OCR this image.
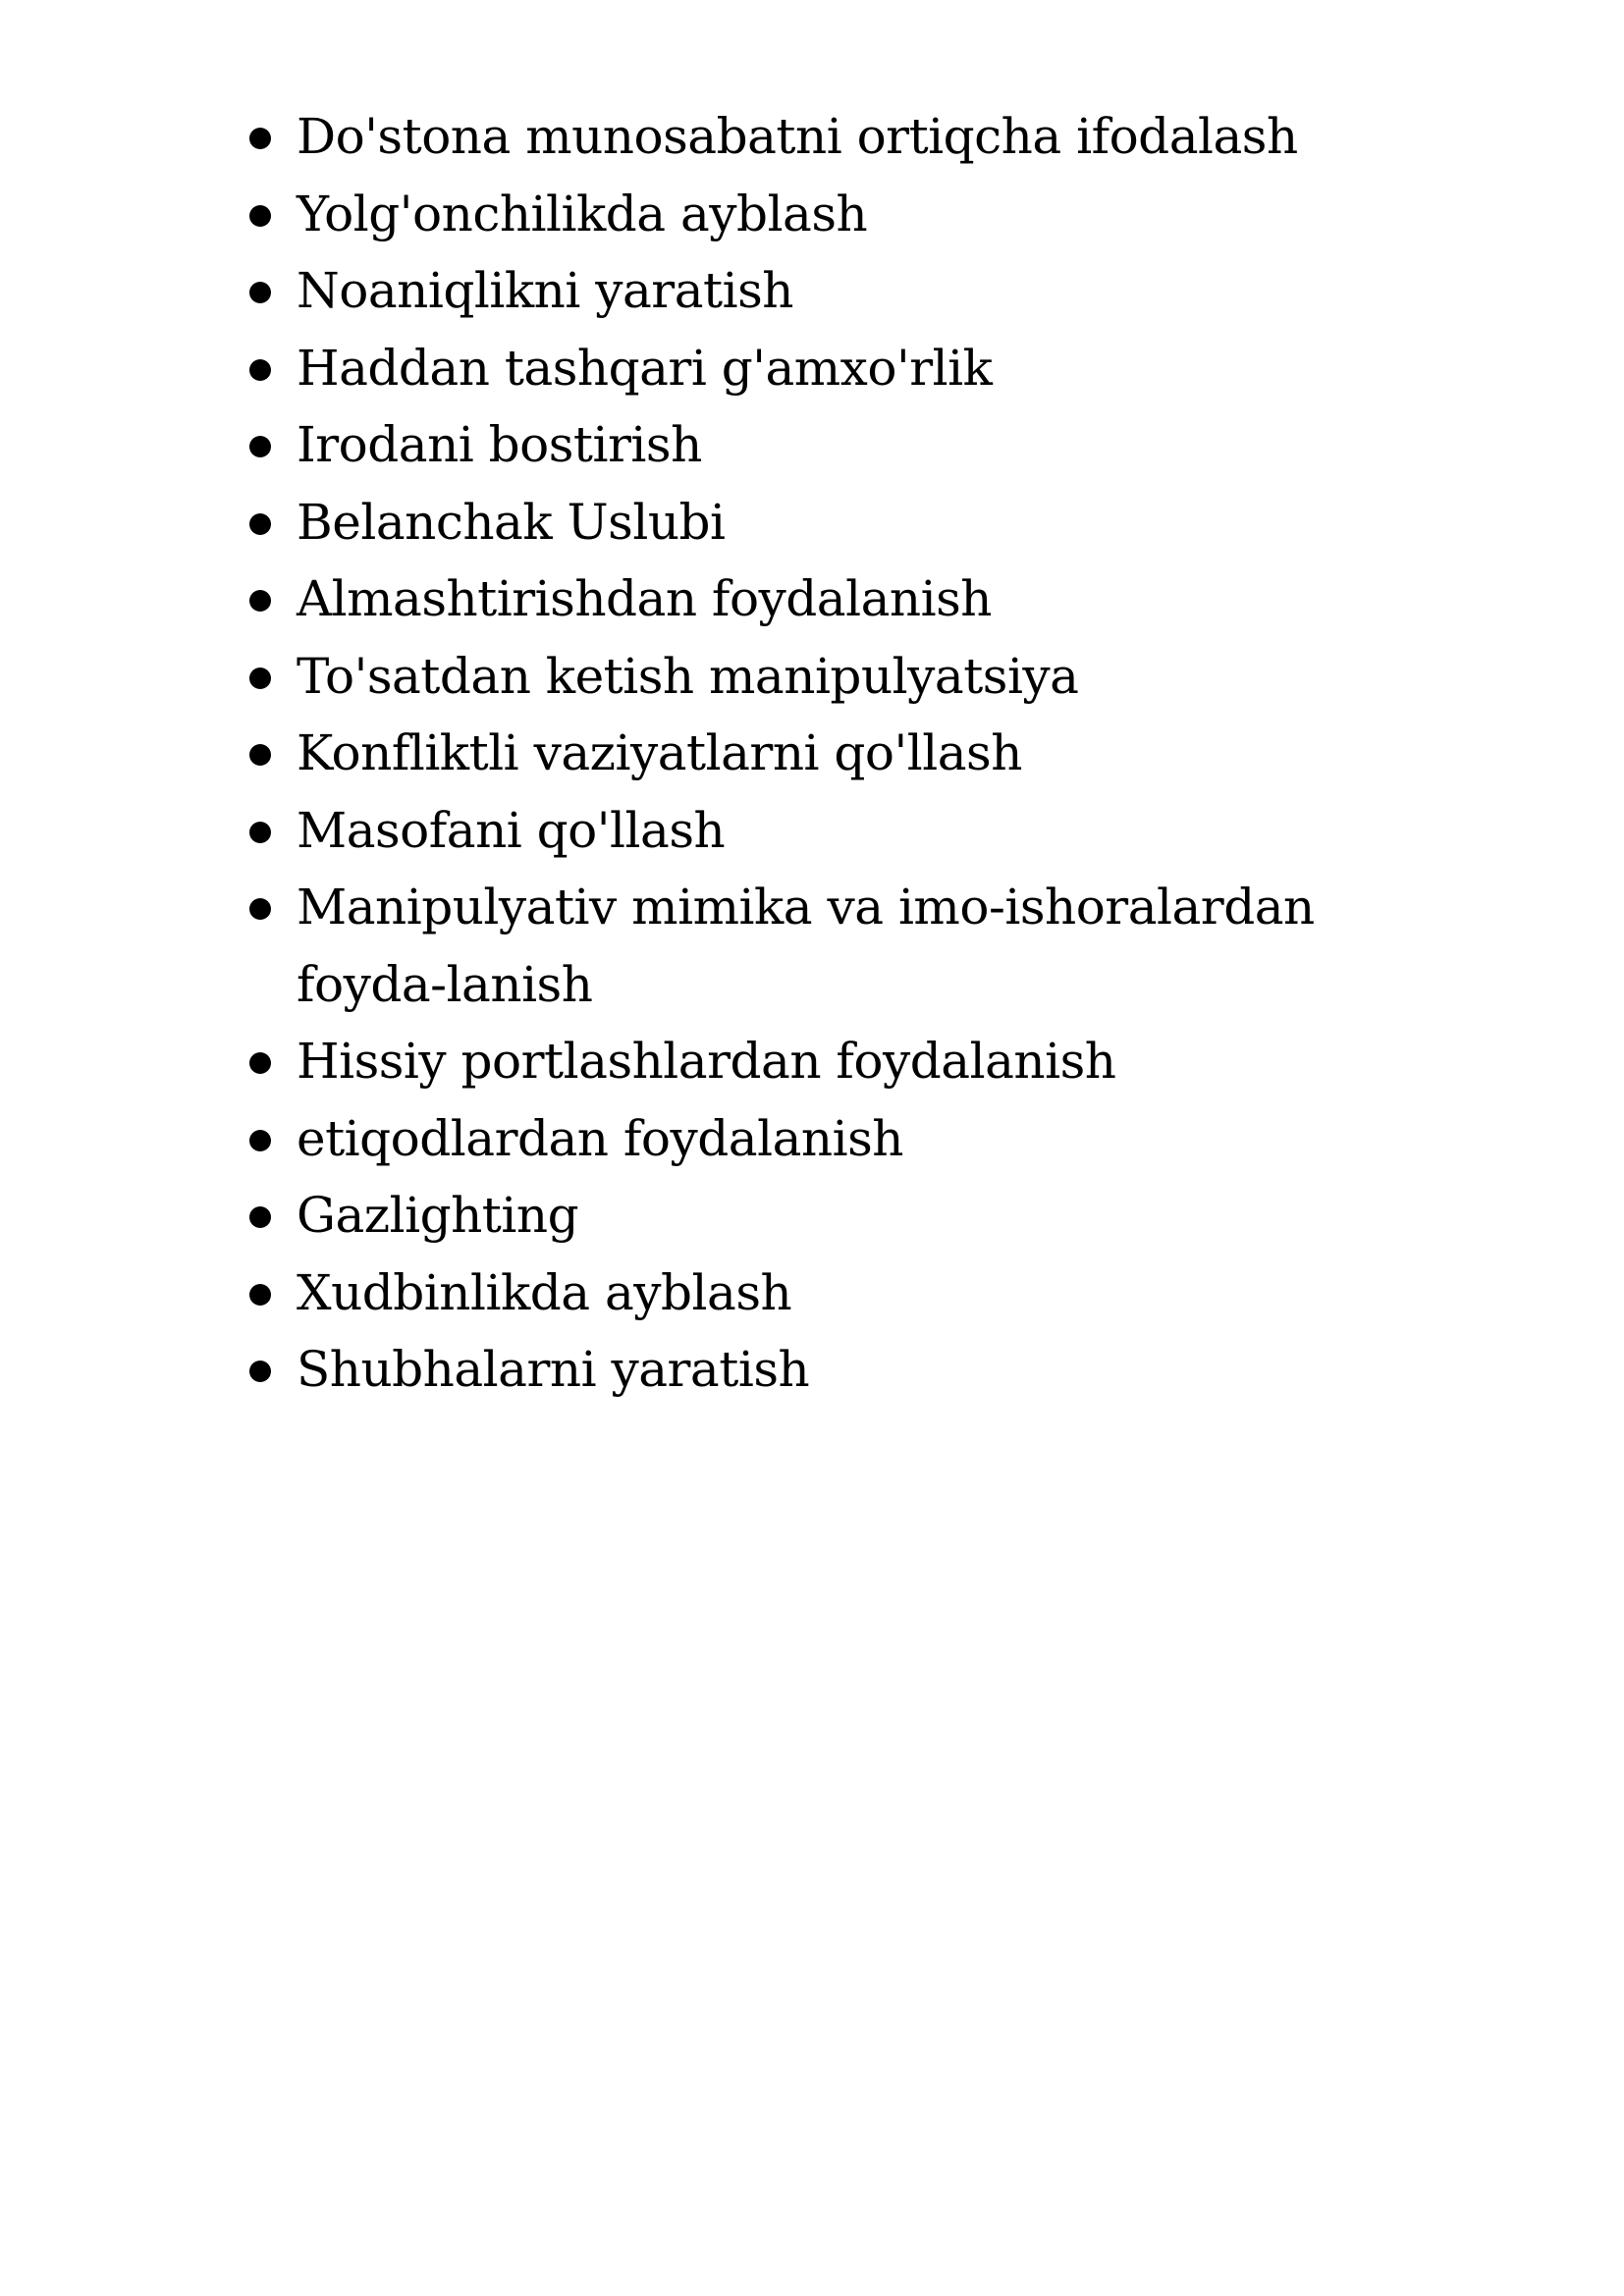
Do'stona munosabatni ortiqcha ifodalash
Yolg'onchilikda ayblash
Noaniqlikni yaratish
Haddan tashqari g'amxo'rlik
Irodani bostirish
Belanchak Uslubi
Almashtirishdan foydalanish
To'satdan ketish manipulyatsiya
Konfliktli vaziyatlarni qo'llash
Masofani qo'llash
Manipulyativ mimika va imo-ishoralardan foyda-lanish
Hissiy portlashlardan foydalanish
etiqodlardan foydalanish
Gazlighting
Xudbinlikda ayblash
Shubhalarni yaratish
